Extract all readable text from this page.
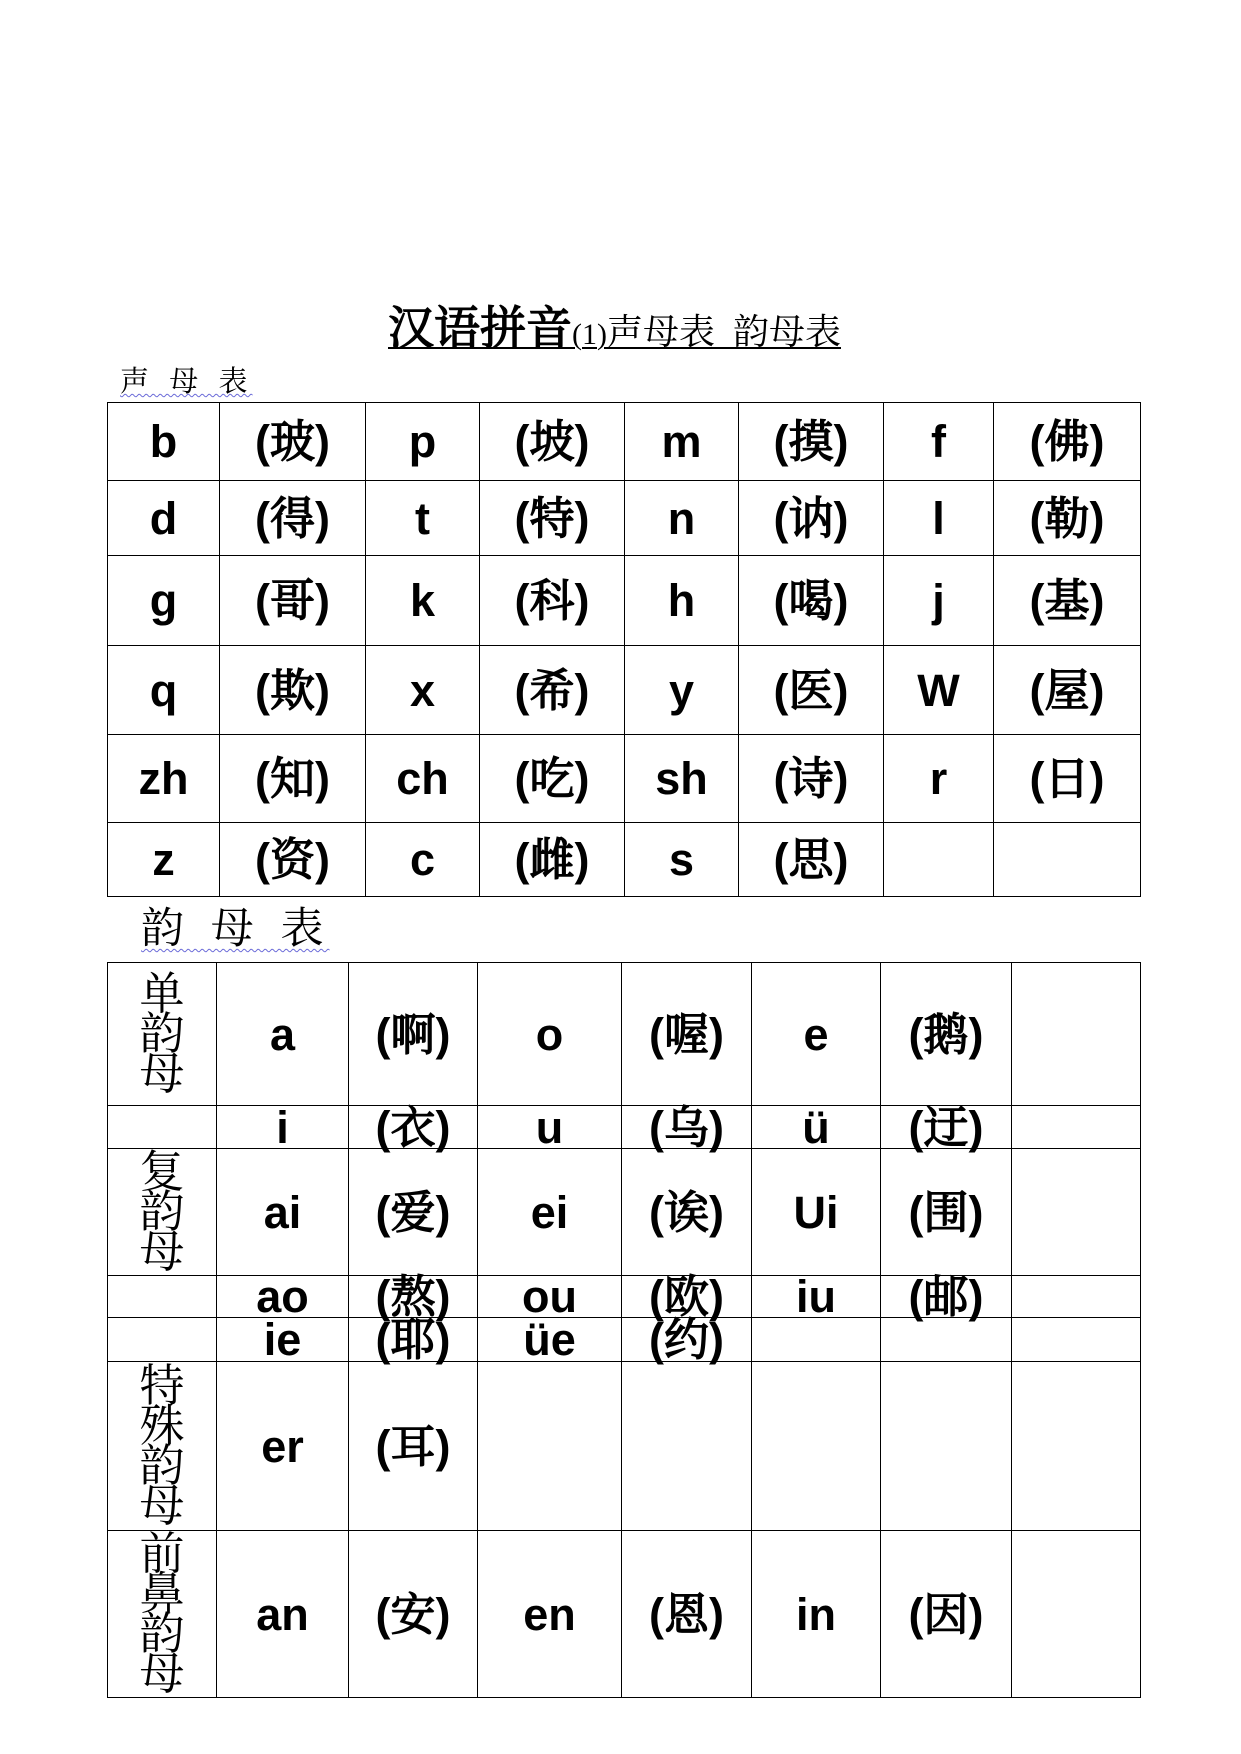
汉语拼音(1)声母表  韵母表
声 母 表
b	(玻)	p	(坡)	m	(摸)	f	(佛)
d	(得)	t	(特)	n	(讷)	l	(勒)
g	(哥)	k	(科)	h	(喝)	j	(基)
q	(欺)	x	(希)	y	(医)	W	(屋)
zh	(知)	ch	(吃)	sh	(诗)	r	(日)
z	(资)	c	(雌)	s	(思)
韵 母 表
单韵母
a	(啊)	o	(喔)	e	(鹅)
i	(衣)	u	(乌)	ü	(迂)
复韵母
ai	(爱)	ei	(诶)	Ui	(围)
ao	(熬)	ou	(欧)	iu	(邮)
ie	(耶)	üe	(约)
特殊韵母
er	(耳)
前鼻韵母
an	(安)	en	(恩)	in	(因)
